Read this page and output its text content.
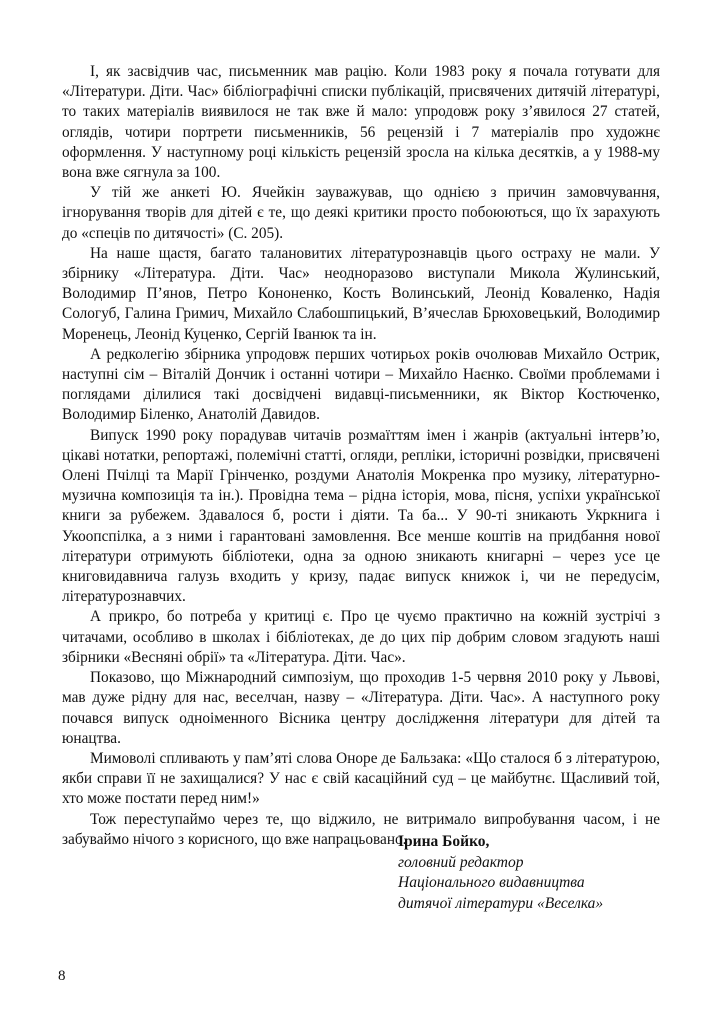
І, як засвідчив час, письменник мав рацію. Коли 1983 року я почала готувати для «Літератури. Діти. Час» бібліографічні списки публікацій, присвячених дитячій літературі, то таких матеріалів виявилося не так вже й мало: упродовж року з’явилося 27 статей, оглядів, чотири портрети письменників, 56 рецензій і 7 матеріалів про художнє оформлення. У наступному році кількість рецензій зросла на кілька десятків, а у 1988-му вона вже сягнула за 100.

У тій же анкеті Ю. Ячейкін зауважував, що однією з причин замовчування, ігнорування творів для дітей є те, що деякі критики просто побоюються, що їх зарахують до «спеців по дитячості» (С. 205).

На наше щастя, багато талановитих літературознавців цього остраху не мали. У збірнику «Література. Діти. Час» неодноразово виступали Микола Жулинський, Володимир П’янов, Петро Кононенко, Кость Волинський, Леонід Коваленко, Надія Сологуб, Галина Гримич, Михайло Слабошпицький, В’ячеслав Брюховецький, Володимир Моренець, Леонід Куценко, Сергій Іванюк та ін.

А редколегію збірника упродовж перших чотирьох років очолював Михайло Острик, наступні сім – Віталій Дончик і останні чотири – Михайло Наєнко. Своїми проблемами і поглядами ділилися такі досвідчені видавці-письменники, як Віктор Костюченко, Володимир Біленко, Анатолій Давидов.

Випуск 1990 року порадував читачів розмаїттям імен і жанрів (актуальні інтерв’ю, цікаві нотатки, репортажі, полемічні статті, огляди, репліки, історичні розвідки, присвячені Олені Пчілці та Марії Грінченко, роздуми Анатолія Мокренка про музику, літературно-музична композиція та ін.). Провідна тема – рідна історія, мова, пісня, успіхи української книги за рубежем. Здавалося б, рости і діяти. Та ба... У 90-ті зникають Укркнига і Укоопспілка, а з ними і гарантовані замовлення. Все менше коштів на придбання нової літератури отримують бібліотеки, одна за одною зникають книгарні – через усе це книговидавнича галузь входить у кризу, падає випуск книжок і, чи не передусім, літературознавчих.

А прикро, бо потреба у критиці є. Про це чуємо практично на кожній зустрічі з читачами, особливо в школах і бібліотеках, де до цих пір добрим словом згадують наші збірники «Весняні обрії» та «Література. Діти. Час».

Показово, що Міжнародний симпозіум, що проходив 1-5 червня 2010 року у Львові, мав дуже рідну для нас, веселчан, назву – «Література. Діти. Час». А наступного року почався випуск одноіменного Вісника центру дослідження літератури для дітей та юнацтва.

Мимоволі спливають у пам’яті слова Оноре де Бальзака: «Що сталося б з літературою, якби справи її не захищалися? У нас є свій касаційний суд – це майбутнє. Щасливий той, хто може постати перед ним!»

Тож переступаймо через те, що віджило, не витримало випробування часом, і не забуваймо нічого з корисного, що вже напрацьовано.

Ірина Бойко,
головний редактор
Національного видавництва
дитячої літератури «Веселка»
8
